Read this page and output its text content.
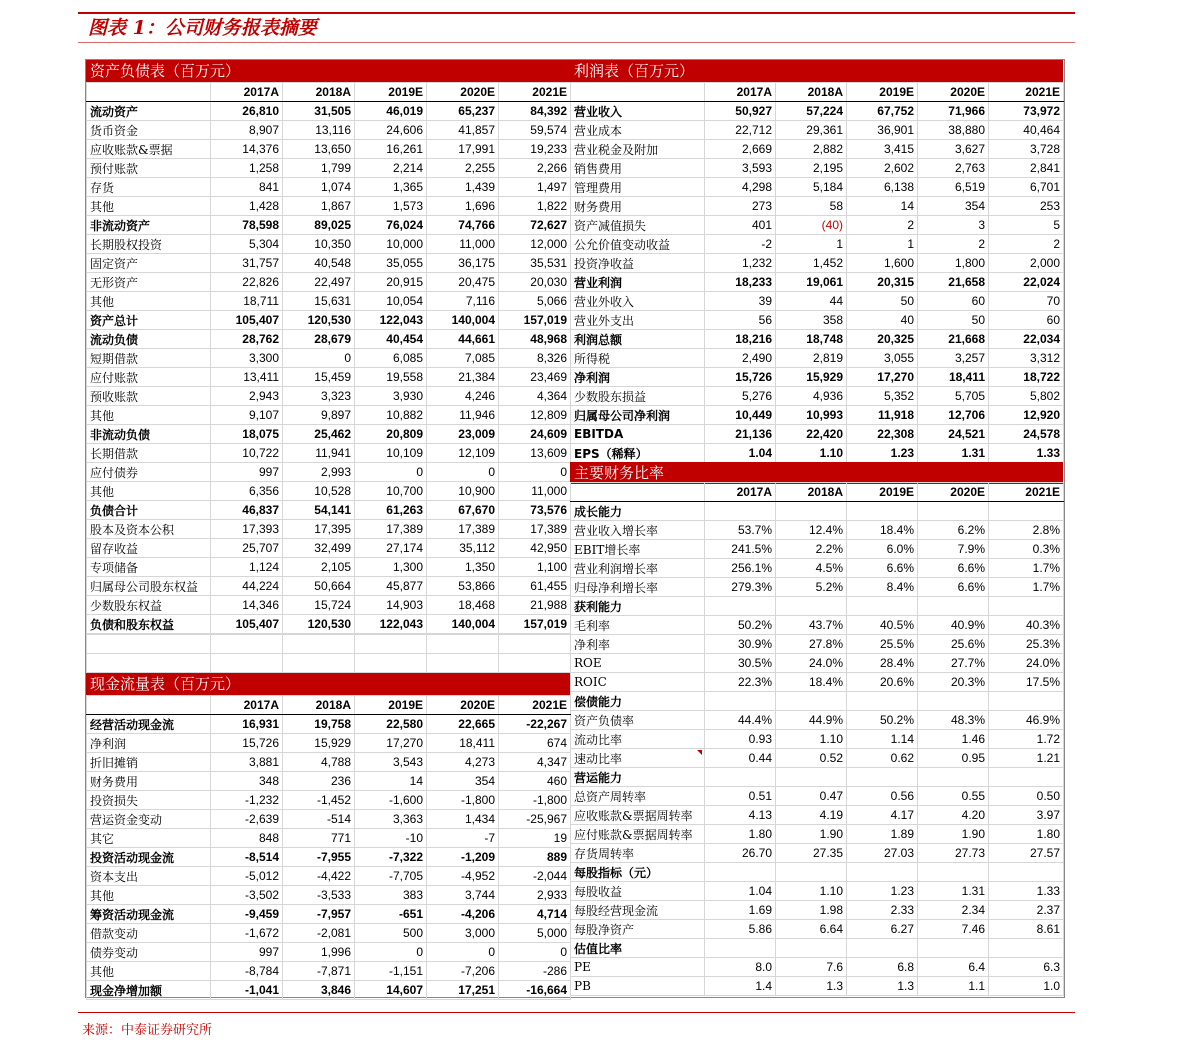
图表 1：公司财务报表摘要
资产负债表（百万元）
	2017A	2018A	2019E	2020E	2021E
流动资产	26,810	31,505	46,019	65,237	84,392
货币资金	8,907	13,116	24,606	41,857	59,574
应收账款&票据	14,376	13,650	16,261	17,991	19,233
预付账款	1,258	1,799	2,214	2,255	2,266
存货	841	1,074	1,365	1,439	1,497
其他	1,428	1,867	1,573	1,696	1,822
非流动资产	78,598	89,025	76,024	74,766	72,627
长期股权投资	5,304	10,350	10,000	11,000	12,000
固定资产	31,757	40,548	35,055	36,175	35,531
无形资产	22,826	22,497	20,915	20,475	20,030
其他	18,711	15,631	10,054	7,116	5,066
资产总计	105,407	120,530	122,043	140,004	157,019
流动负债	28,762	28,679	40,454	44,661	48,968
短期借款	3,300	0	6,085	7,085	8,326
应付账款	13,411	15,459	19,558	21,384	23,469
预收账款	2,943	3,323	3,930	4,246	4,364
其他	9,107	9,897	10,882	11,946	12,809
非流动负债	18,075	25,462	20,809	23,009	24,609
长期借款	10,722	11,941	10,109	12,109	13,609
应付债券	997	2,993	0	0	0
其他	6,356	10,528	10,700	10,900	11,000
负债合计	46,837	54,141	61,263	67,670	73,576
股本及资本公积	17,393	17,395	17,389	17,389	17,389
留存收益	25,707	32,499	27,174	35,112	42,950
专项储备	1,124	2,105	1,300	1,350	1,100
归属母公司股东权益	44,224	50,664	45,877	53,866	61,455
少数股东权益	14,346	15,724	14,903	18,468	21,988
负债和股东权益	105,407	120,530	122,043	140,004	157,019
利润表（百万元）
	2017A	2018A	2019E	2020E	2021E
营业收入	50,927	57,224	67,752	71,966	73,972
营业成本	22,712	29,361	36,901	38,880	40,464
营业税金及附加	2,669	2,882	3,415	3,627	3,728
销售费用	3,593	2,195	2,602	2,763	2,841
管理费用	4,298	5,184	6,138	6,519	6,701
财务费用	273	58	14	354	253
资产减值损失	401	(40)	2	3	5
公允价值变动收益	-2	1	1	2	2
投资净收益	1,232	1,452	1,600	1,800	2,000
营业利润	18,233	19,061	20,315	21,658	22,024
营业外收入	39	44	50	60	70
营业外支出	56	358	40	50	60
利润总额	18,216	18,748	20,325	21,668	22,034
所得税	2,490	2,819	3,055	3,257	3,312
净利润	15,726	15,929	17,270	18,411	18,722
少数股东损益	5,276	4,936	5,352	5,705	5,802
归属母公司净利润	10,449	10,993	11,918	12,706	12,920
EBITDA	21,136	22,420	22,308	24,521	24,578
EPS（稀释）	1.04	1.10	1.23	1.31	1.33
主要财务比率
	2017A	2018A	2019E	2020E	2021E
成长能力					
营业收入增长率	53.7%	12.4%	18.4%	6.2%	2.8%
EBIT增长率	241.5%	2.2%	6.0%	7.9%	0.3%
营业利润增长率	256.1%	4.5%	6.6%	6.6%	1.7%
归母净利增长率	279.3%	5.2%	8.4%	6.6%	1.7%
获利能力					
毛利率	50.2%	43.7%	40.5%	40.9%	40.3%
净利率	30.9%	27.8%	25.5%	25.6%	25.3%
ROE	30.5%	24.0%	28.4%	27.7%	24.0%
ROIC	22.3%	18.4%	20.6%	20.3%	17.5%
偿债能力					
资产负债率	44.4%	44.9%	50.2%	48.3%	46.9%
流动比率	0.93	1.10	1.14	1.46	1.72
速动比率	0.44	0.52	0.62	0.95	1.21
营运能力					
总资产周转率	0.51	0.47	0.56	0.55	0.50
应收账款&票据周转率	4.13	4.19	4.17	4.20	3.97
应付账款&票据周转率	1.80	1.90	1.89	1.90	1.80
存货周转率	26.70	27.35	27.03	27.73	27.57
每股指标（元）					
每股收益	1.04	1.10	1.23	1.31	1.33
每股经营现金流	1.69	1.98	2.33	2.34	2.37
每股净资产	5.86	6.64	6.27	7.46	8.61
估值比率					
PE	8.0	7.6	6.8	6.4	6.3
PB	1.4	1.3	1.3	1.1	1.0
现金流量表（百万元）
	2017A	2018A	2019E	2020E	2021E
经营活动现金流	16,931	19,758	22,580	22,665	-22,267
净利润	15,726	15,929	17,270	18,411	674
折旧摊销	3,881	4,788	3,543	4,273	4,347
财务费用	348	236	14	354	460
投资损失	-1,232	-1,452	-1,600	-1,800	-1,800
营运资金变动	-2,639	-514	3,363	1,434	-25,967
其它	848	771	-10	-7	19
投资活动现金流	-8,514	-7,955	-7,322	-1,209	889
资本支出	-5,012	-4,422	-7,705	-4,952	-2,044
其他	-3,502	-3,533	383	3,744	2,933
筹资活动现金流	-9,459	-7,957	-651	-4,206	4,714
借款变动	-1,672	-2,081	500	3,000	5,000
债券变动	997	1,996	0	0	0
其他	-8,784	-7,871	-1,151	-7,206	-286
现金净增加额	-1,041	3,846	14,607	17,251	-16,664

来源：中泰证券研究所
